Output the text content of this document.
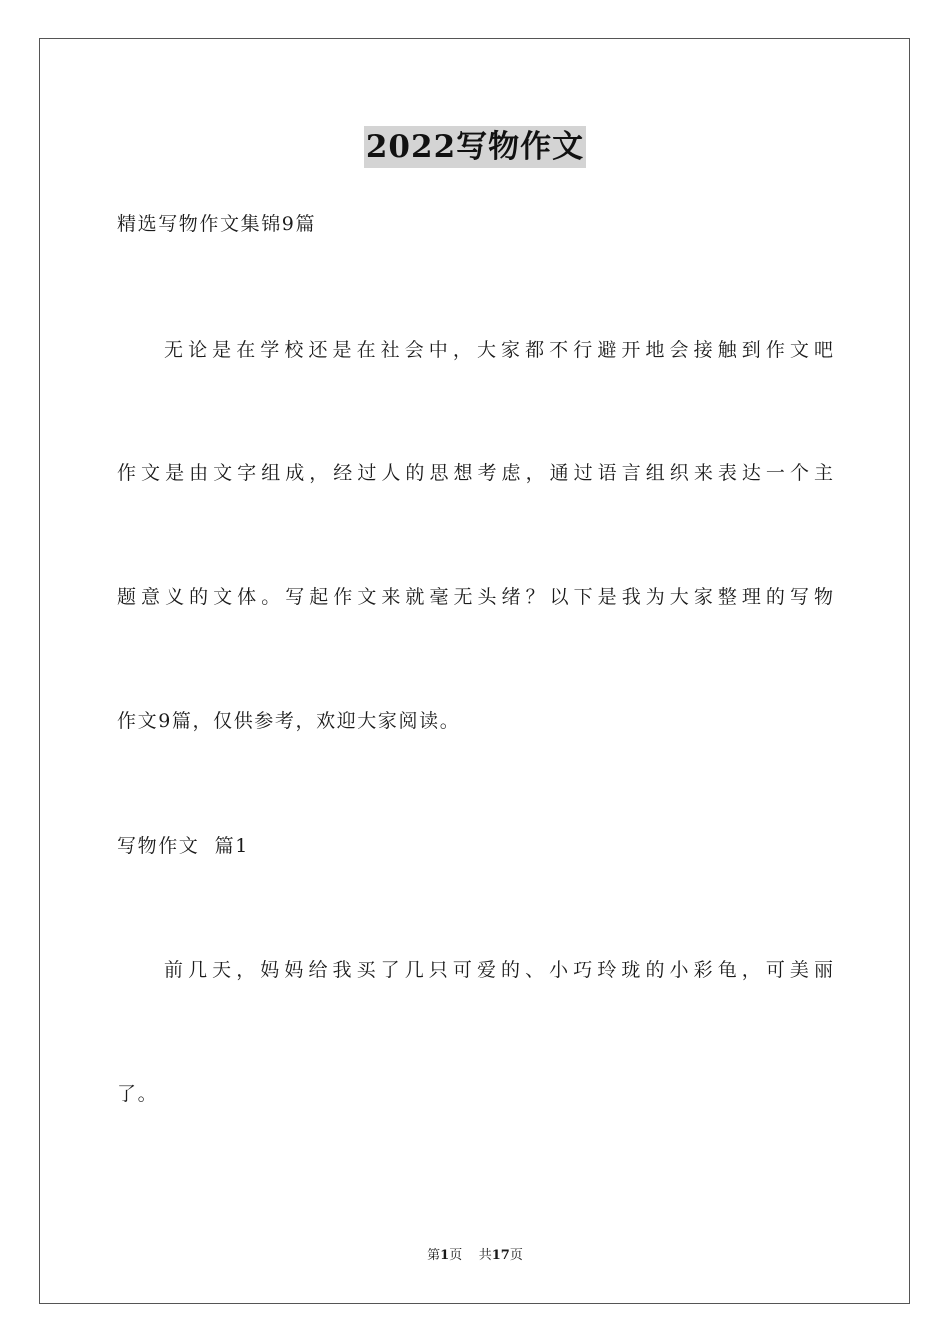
2022写物作文
精选写物作文集锦9篇
无论是在学校还是在社会中，大家都不行避开地会接触到作文吧
作文是由文字组成，经过人的思想考虑，通过语言组织来表达一个主
题意义的文体。写起作文来就毫无头绪？以下是我为大家整理的写物
作文9篇，仅供参考，欢迎大家阅读。
写物作文  篇1
前几天，妈妈给我买了几只可爱的、小巧玲珑的小彩龟，可美丽
了。
第1页 共17页
